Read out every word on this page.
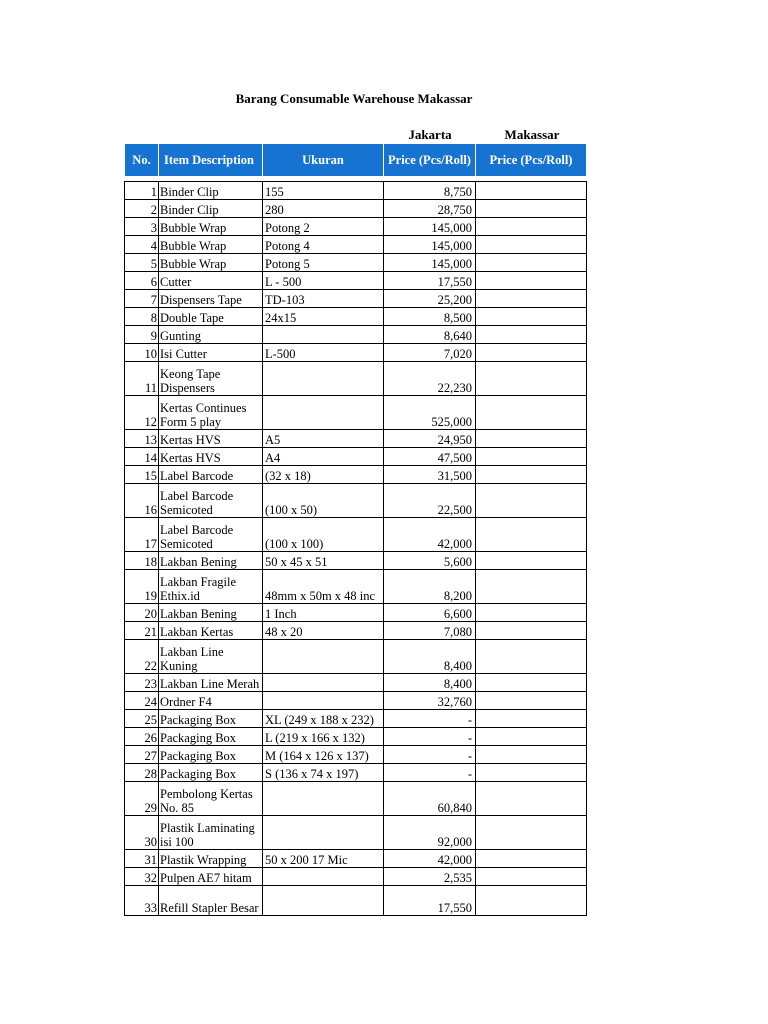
Barang Consumable Warehouse Makassar
Jakarta	Makassar
No.	Item Description	Ukuran	Price (Pcs/Roll)	Price (Pcs/Roll)

1	Binder Clip	155	8,750	
2	Binder Clip	280	28,750	
3	Bubble Wrap	Potong 2	145,000	
4	Bubble Wrap	Potong 4	145,000	
5	Bubble Wrap	Potong 5	145,000	
6	Cutter	L - 500	17,550	
7	Dispensers Tape	TD-103	25,200	
8	Double Tape	24x15	8,500	
9	Gunting		8,640	
10	Isi Cutter	L-500	7,020	
11	Keong Tape Dispensers		22,230	
12	Kertas Continues Form 5 play		525,000	
13	Kertas HVS	A5	24,950	
14	Kertas HVS	A4	47,500	
15	Label Barcode	(32 x 18)	31,500	
16	Label Barcode Semicoted	(100 x 50)	22,500	
17	Label Barcode Semicoted	(100 x 100)	42,000	
18	Lakban Bening	50 x 45 x 51	5,600	
19	Lakban Fragile Ethix.id	48mm x 50m x 48 inc	8,200	
20	Lakban Bening	1 Inch	6,600	
21	Lakban Kertas	48 x 20	7,080	
22	Lakban Line Kuning		8,400	
23	Lakban Line Merah		8,400	
24	Ordner F4		32,760	
25	Packaging Box	XL (249 x 188 x 232)	-	
26	Packaging Box	L (219 x 166 x 132)	-	
27	Packaging Box	M (164 x 126 x 137)	-	
28	Packaging Box	S (136 x 74 x 197)	-	
29	Pembolong Kertas No. 85		60,840	
30	Plastik Laminating isi 100		92,000	
31	Plastik Wrapping	50 x 200 17 Mic	42,000	
32	Pulpen AE7 hitam		2,535	
33	Refill Stapler Besar		17,550	
